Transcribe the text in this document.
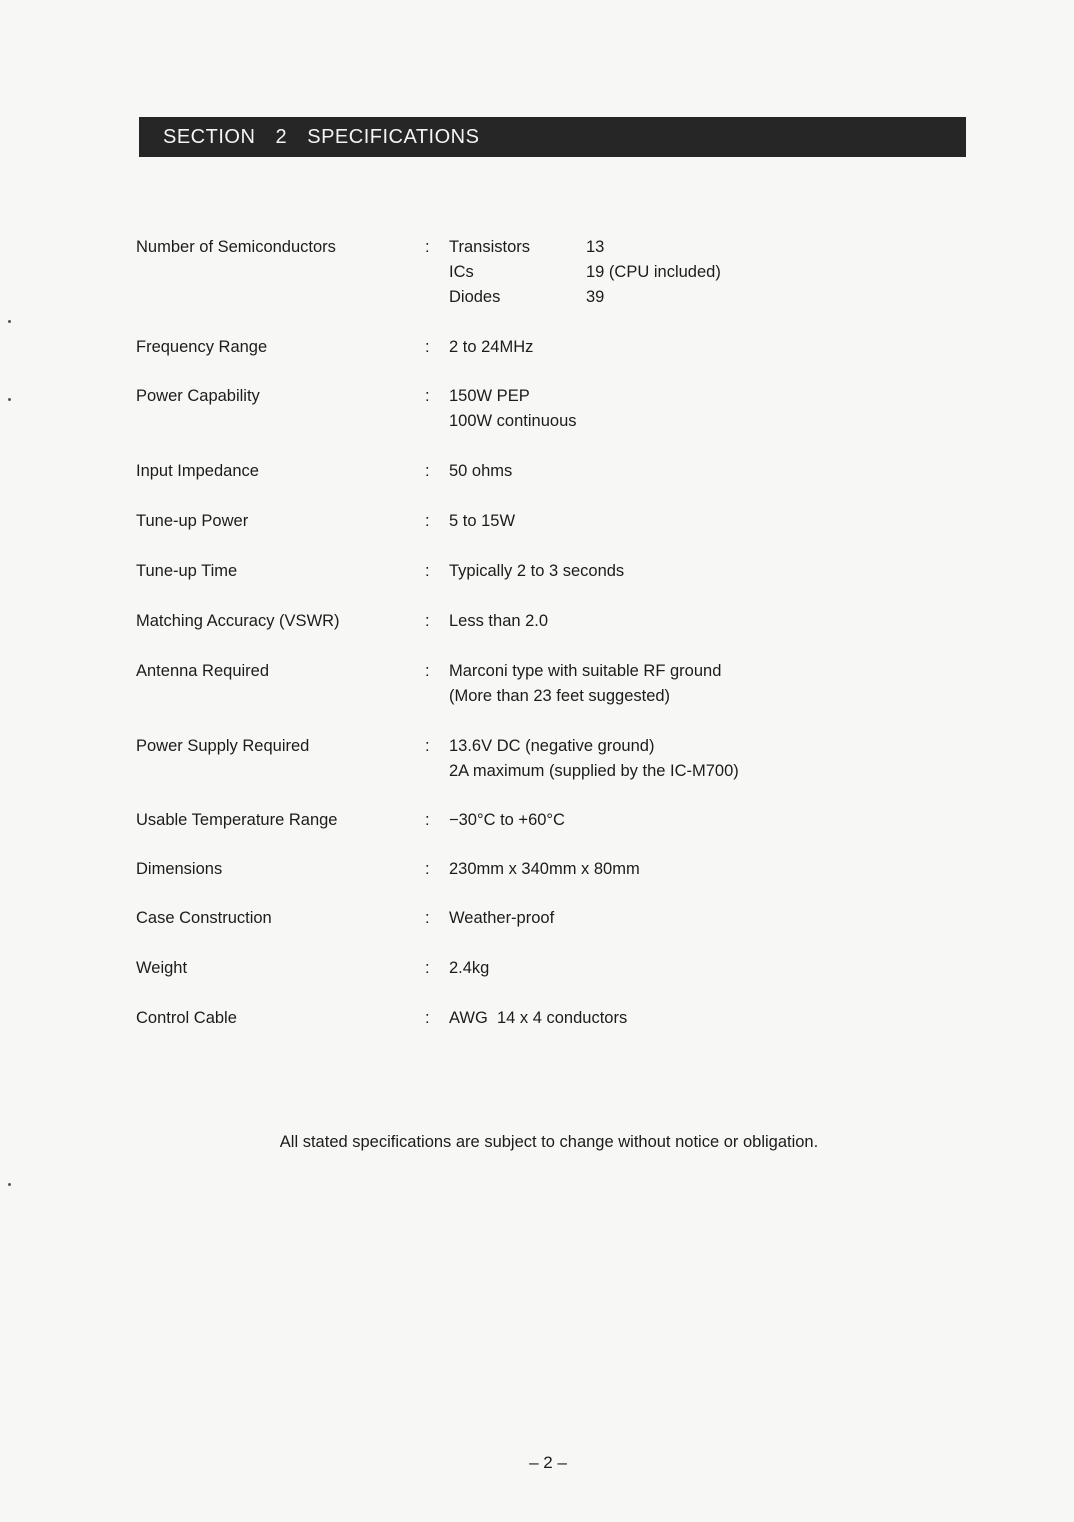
SECTION  2  SPECIFICATIONS
Number of Semiconductors	: Transistors	13
ICs	19 (CPU included)
Diodes	39
Frequency Range	: 2 to 24MHz
Power Capability	: 150W PEP
100W continuous
Input Impedance	: 50 ohms
Tune-up Power	: 5 to 15W
Tune-up Time	: Typically 2 to 3 seconds
Matching Accuracy (VSWR)	: Less than 2.0
Antenna Required	: Marconi type with suitable RF ground
(More than 23 feet suggested)
Power Supply Required	: 13.6V DC (negative ground)
2A maximum (supplied by the IC-M700)
Usable Temperature Range	: −30°C to +60°C
Dimensions	: 230mm x 340mm x 80mm
Case Construction	: Weather-proof
Weight	: 2.4kg
Control Cable	: AWG  14 x 4 conductors
All stated specifications are subject to change without notice or obligation.
– 2 –
